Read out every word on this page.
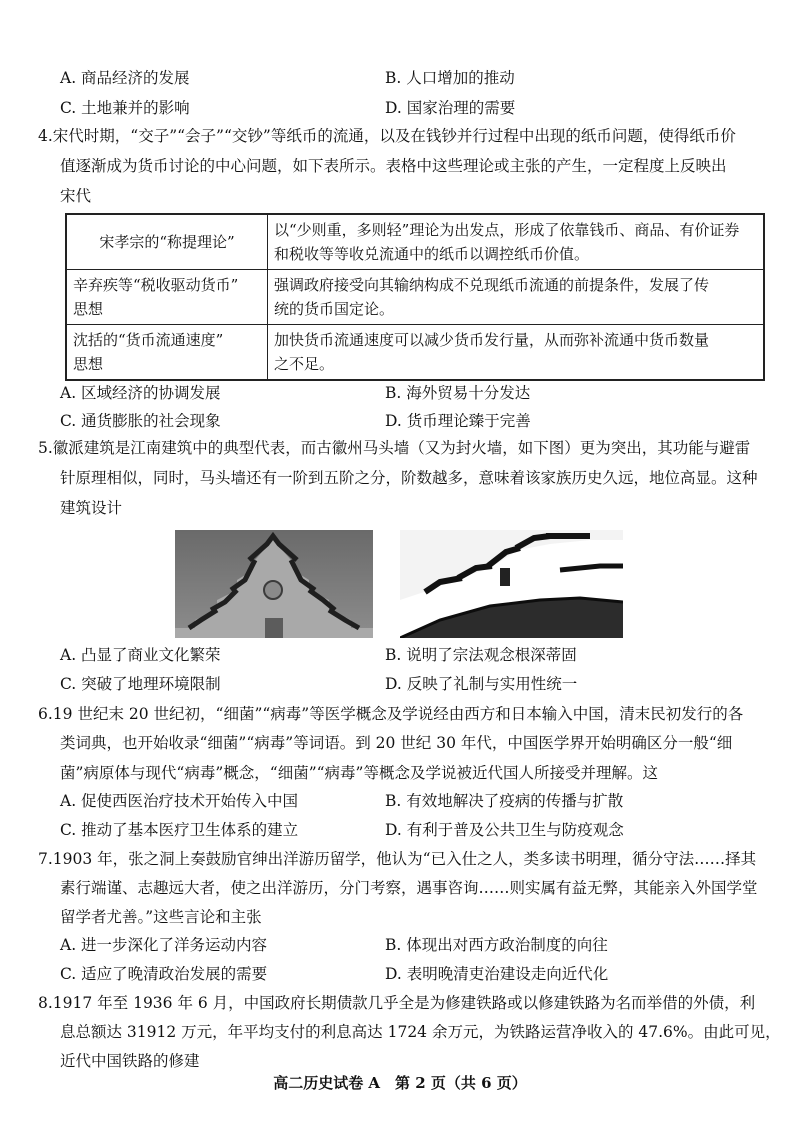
A. 商品经济的发展	B. 人口增加的推动
C. 土地兼并的影响	D. 国家治理的需要
4.宋代时期，“交子”“会子”“交钞”等纸币的流通，以及在钱钞并行过程中出现的纸币问题，使得纸币价
值逐渐成为货币讨论的中心问题，如下表所示。表格中这些理论或主张的产生，一定程度上反映出
宋代
宋孝宗的“称提理论”	以“少则重，多则轻”理论为出发点，形成了依靠钱币、商品、有价证券
和税收等等收兑流通中的纸币以调控纸币价值。
辛弃疾等“税收驱动货币”
思想	强调政府接受向其输纳构成不兑现纸币流通的前提条件，发展了传
统的货币国定论。
沈括的“货币流通速度”
思想	加快货币流通速度可以减少货币发行量，从而弥补流通中货币数量
之不足。
A. 区域经济的协调发展	B. 海外贸易十分发达
C. 通货膨胀的社会现象	D. 货币理论臻于完善
5.徽派建筑是江南建筑中的典型代表，而古徽州马头墙（又为封火墙，如下图）更为突出，其功能与避雷
针原理相似，同时，马头墙还有一阶到五阶之分，阶数越多，意味着该家族历史久远，地位高显。这种
建筑设计
A. 凸显了商业文化繁荣	B. 说明了宗法观念根深蒂固
C. 突破了地理环境限制	D. 反映了礼制与实用性统一
6.19 世纪末 20 世纪初，“细菌”“病毒”等医学概念及学说经由西方和日本输入中国，清末民初发行的各
类词典，也开始收录“细菌”“病毒”等词语。到 20 世纪 30 年代，中国医学界开始明确区分一般“细
菌”病原体与现代“病毒”概念，“细菌”“病毒”等概念及学说被近代国人所接受并理解。这
A. 促使西医治疗技术开始传入中国	B. 有效地解决了疫病的传播与扩散
C. 推动了基本医疗卫生体系的建立	D. 有利于普及公共卫生与防疫观念
7.1903 年，张之洞上奏鼓励官绅出洋游历留学，他认为“已入仕之人，类多读书明理，循分守法……择其
素行端谨、志趣远大者，使之出洋游历，分门考察，遇事咨询……则实属有益无弊，其能亲入外国学堂
留学者尤善。”这些言论和主张
A. 进一步深化了洋务运动内容	B. 体现出对西方政治制度的向往
C. 适应了晚清政治发展的需要	D. 表明晚清吏治建设走向近代化
8.1917 年至 1936 年 6 月，中国政府长期债款几乎全是为修建铁路或以修建铁路为名而举借的外债，利
息总额达 31912 万元，年平均支付的利息高达 1724 余万元，为铁路运营净收入的 47.6%。由此可见，
近代中国铁路的修建
高二历史试卷 A　第 2 页（共 6 页）
